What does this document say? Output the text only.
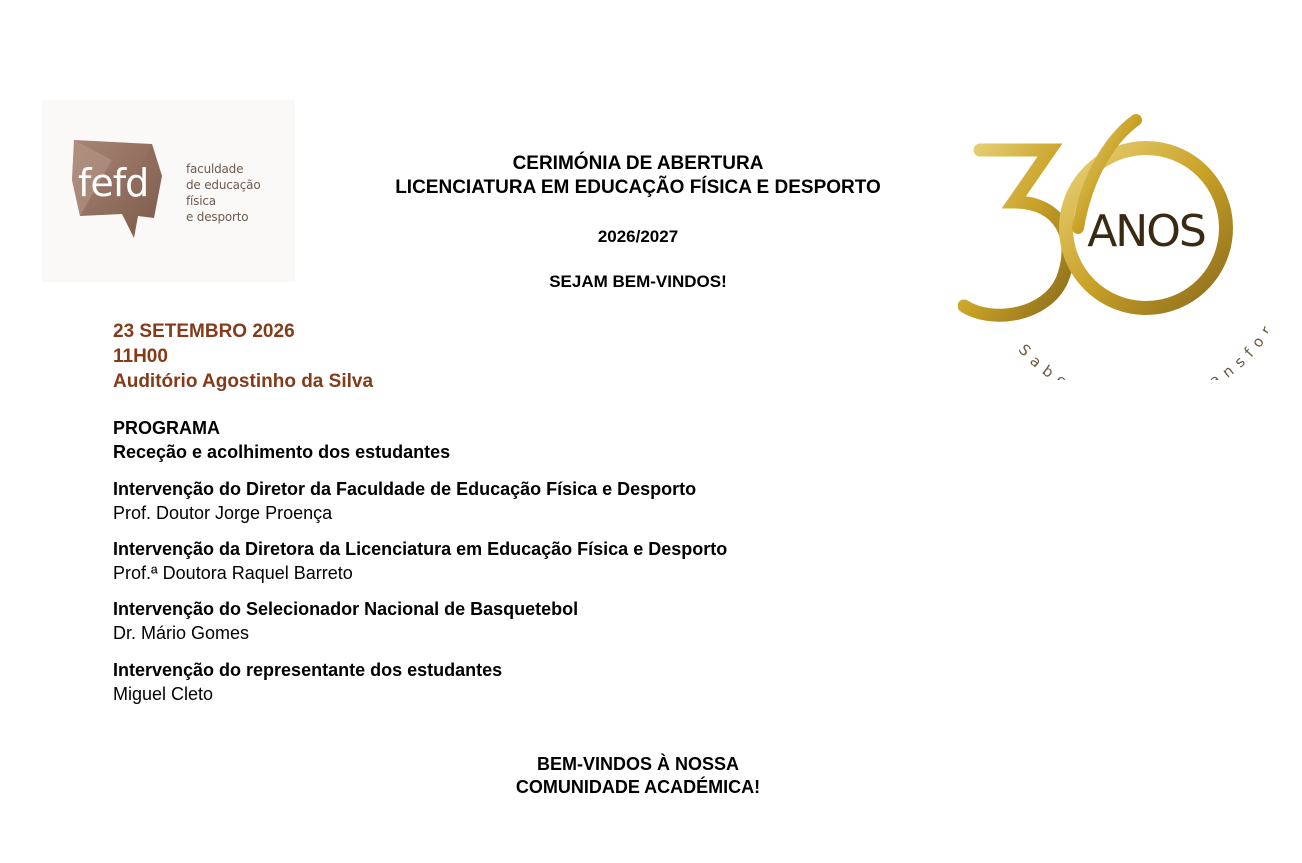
fefd	faculdade
de educação
física
e desporto
CERIMÓNIA DE ABERTURA
LICENCIATURA EM EDUCAÇÃO FÍSICA E DESPORTO
2026/2027
SEJAM BEM-VINDOS!
ANOS
Sab ansf
23 SETEMBRO 2026
11H00
Auditório Agostinho da Silva
PROGRAMA
Receção e acolhimento dos estudantes
Intervenção do Diretor da Faculdade de Educação Física e Desporto
Prof. Doutor Jorge Proença
Intervenção da Diretora da Licenciatura em Educação Física e Desporto
Prof.ª Doutora Raquel Barreto
Intervenção do Selecionador Nacional de Basquetebol
Dr. Mário Gomes
Intervenção do representante dos estudantes
Miguel Cleto
BEM-VINDOS À NOSSA
COMUNIDADE ACADÉMICA!
